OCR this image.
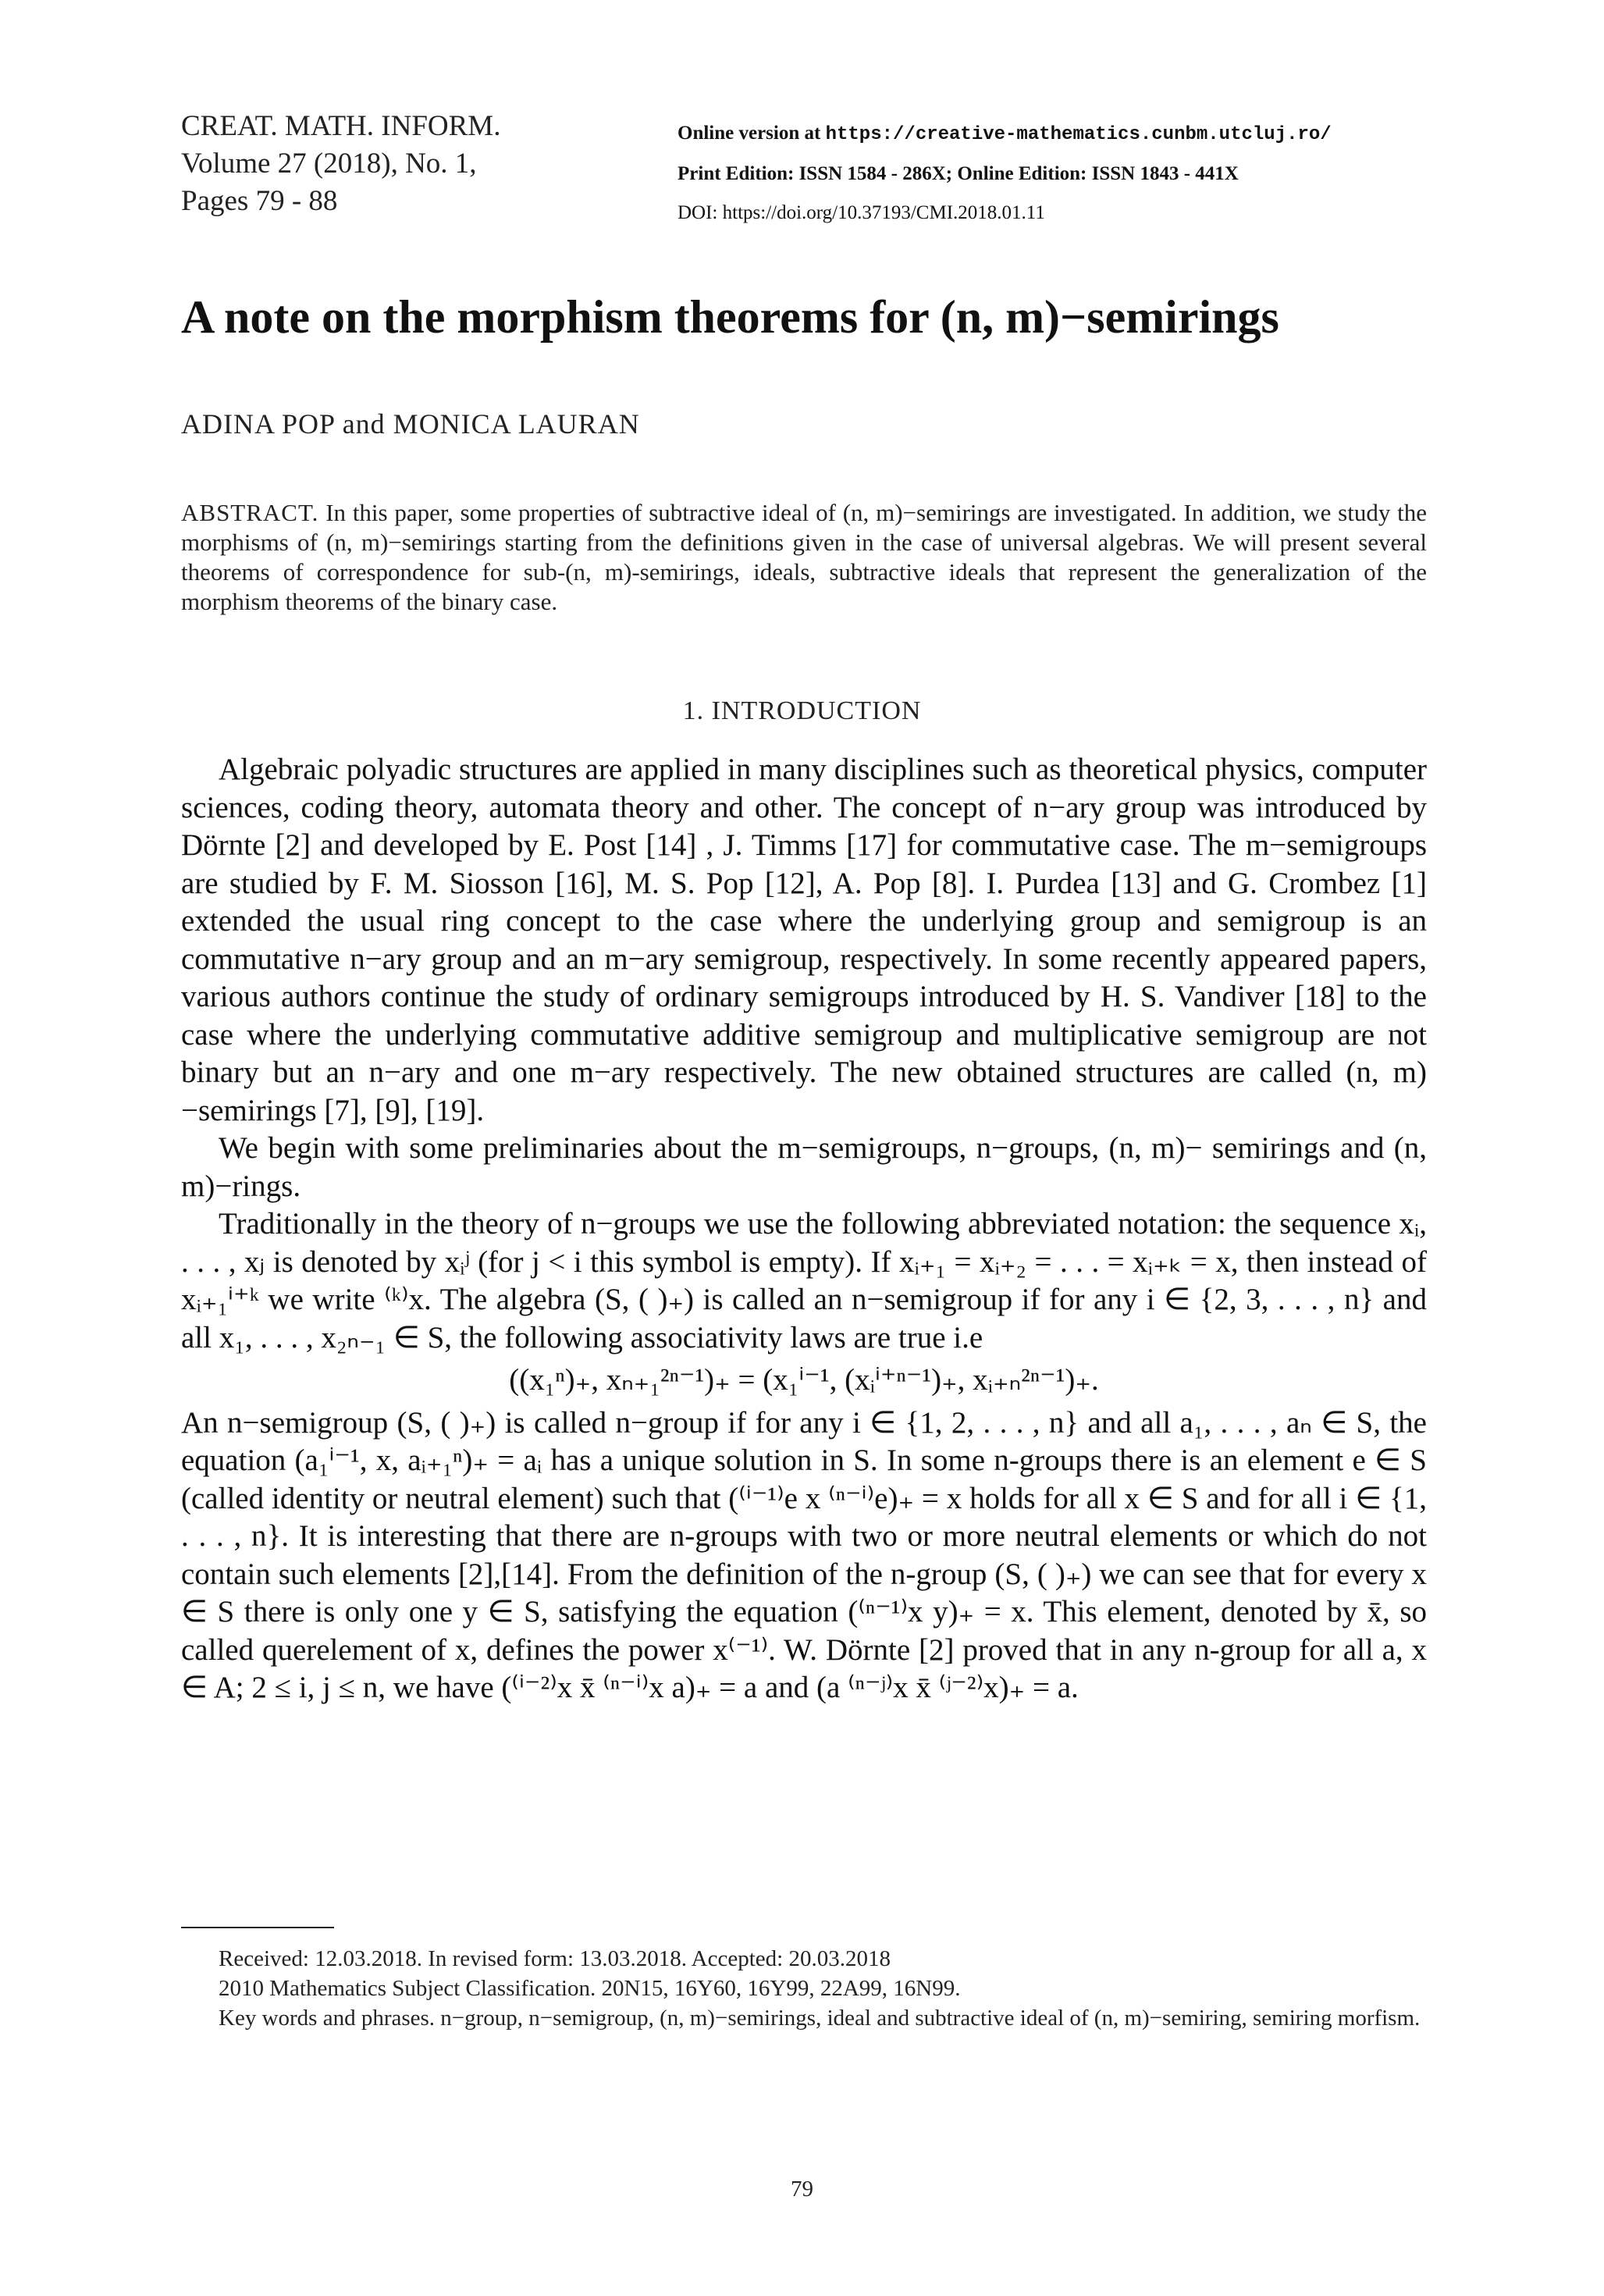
CREAT. MATH. INFORM.
Volume 27 (2018), No. 1,
Pages 79 - 88
Online version at https://creative-mathematics.cunbm.utcluj.ro/
Print Edition: ISSN 1584 - 286X; Online Edition: ISSN 1843 - 441X
DOI: https://doi.org/10.37193/CMI.2018.01.11
A note on the morphism theorems for (n, m)−semirings
ADINA POP and MONICA LAURAN
ABSTRACT. In this paper, some properties of subtractive ideal of (n, m)−semirings are investigated. In addition, we study the morphisms of (n, m)−semirings starting from the definitions given in the case of universal algebras. We will present several theorems of correspondence for sub-(n, m)-semirings, ideals, subtractive ideals that represent the generalization of the morphism theorems of the binary case.
1. INTRODUCTION

Algebraic polyadic structures are applied in many disciplines such as theoretical physics, computer sciences, coding theory, automata theory and other. The concept of n−ary group was introduced by Dörnte [2] and developed by E. Post [14] , J. Timms [17] for commutative case. The m−semigroups are studied by F. M. Siosson [16], M. S. Pop [12], A. Pop [8]. I. Purdea [13] and G. Crombez [1] extended the usual ring concept to the case where the underlying group and semigroup is an commutative n−ary group and an m−ary semigroup, respectively. In some recently appeared papers, various authors continue the study of ordinary semigroups introduced by H. S. Vandiver [18] to the case where the underlying commutative additive semigroup and multiplicative semigroup are not binary but an n−ary and one m−ary respectively. The new obtained structures are called (n, m)−semirings [7], [9], [19].

We begin with some preliminaries about the m−semigroups, n−groups, (n, m)− semirings and (n, m)−rings.

Traditionally in the theory of n−groups we use the following abbreviated notation: the sequence xᵢ, . . . , xⱼ is denoted by xᵢʲ (for j < i this symbol is empty). If xᵢ₊₁ = xᵢ₊₂ = . . . = xᵢ₊ₖ = x, then instead of xᵢ₊₁ⁱ⁺ᵏ we write ⁽ᵏ⁾x. The algebra (S, ( )₊) is called an n−semigroup if for any i ∈ {2, 3, . . . , n} and all x₁, . . . , x₂ₙ₋₁ ∈ S, the following associativity laws are true i.e

((x₁ⁿ)₊, xₙ₊₁²ⁿ⁻¹)₊ = (x₁ⁱ⁻¹, (xᵢⁱ⁺ⁿ⁻¹)₊, xᵢ₊ₙ²ⁿ⁻¹)₊.

An n−semigroup (S, ( )₊) is called n−group if for any i ∈ {1, 2, . . . , n} and all a₁, . . . , aₙ ∈ S, the equation (a₁ⁱ⁻¹, x, aᵢ₊₁ⁿ)₊ = aᵢ has a unique solution in S. In some n-groups there is an element e ∈ S (called identity or neutral element) such that (⁽ⁱ⁻¹⁾e x ⁽ⁿ⁻ⁱ⁾e)₊ = x holds for all x ∈ S and for all i ∈ {1, . . . , n}. It is interesting that there are n-groups with two or more neutral elements or which do not contain such elements [2],[14]. From the definition of the n-group (S, ( )₊) we can see that for every x ∈ S there is only one y ∈ S, satisfying the equation (⁽ⁿ⁻¹⁾x y)₊ = x. This element, denoted by x̄, so called querelement of x, defines the power x⁽⁻¹⁾. W. Dörnte [2] proved that in any n-group for all a, x ∈ A; 2 ≤ i, j ≤ n, we have (⁽ⁱ⁻²⁾x x̄ ⁽ⁿ⁻ⁱ⁾x a)₊ = a and (a ⁽ⁿ⁻ʲ⁾x x̄ ⁽ʲ⁻²⁾x)₊ = a.

Received: 12.03.2018. In revised form: 13.03.2018. Accepted: 20.03.2018

2010 Mathematics Subject Classification. 20N15, 16Y60, 16Y99, 22A99, 16N99.

Key words and phrases. n−group, n−semigroup, (n, m)−semirings, ideal and subtractive ideal of (n, m)−semiring, semiring morfism.

79
